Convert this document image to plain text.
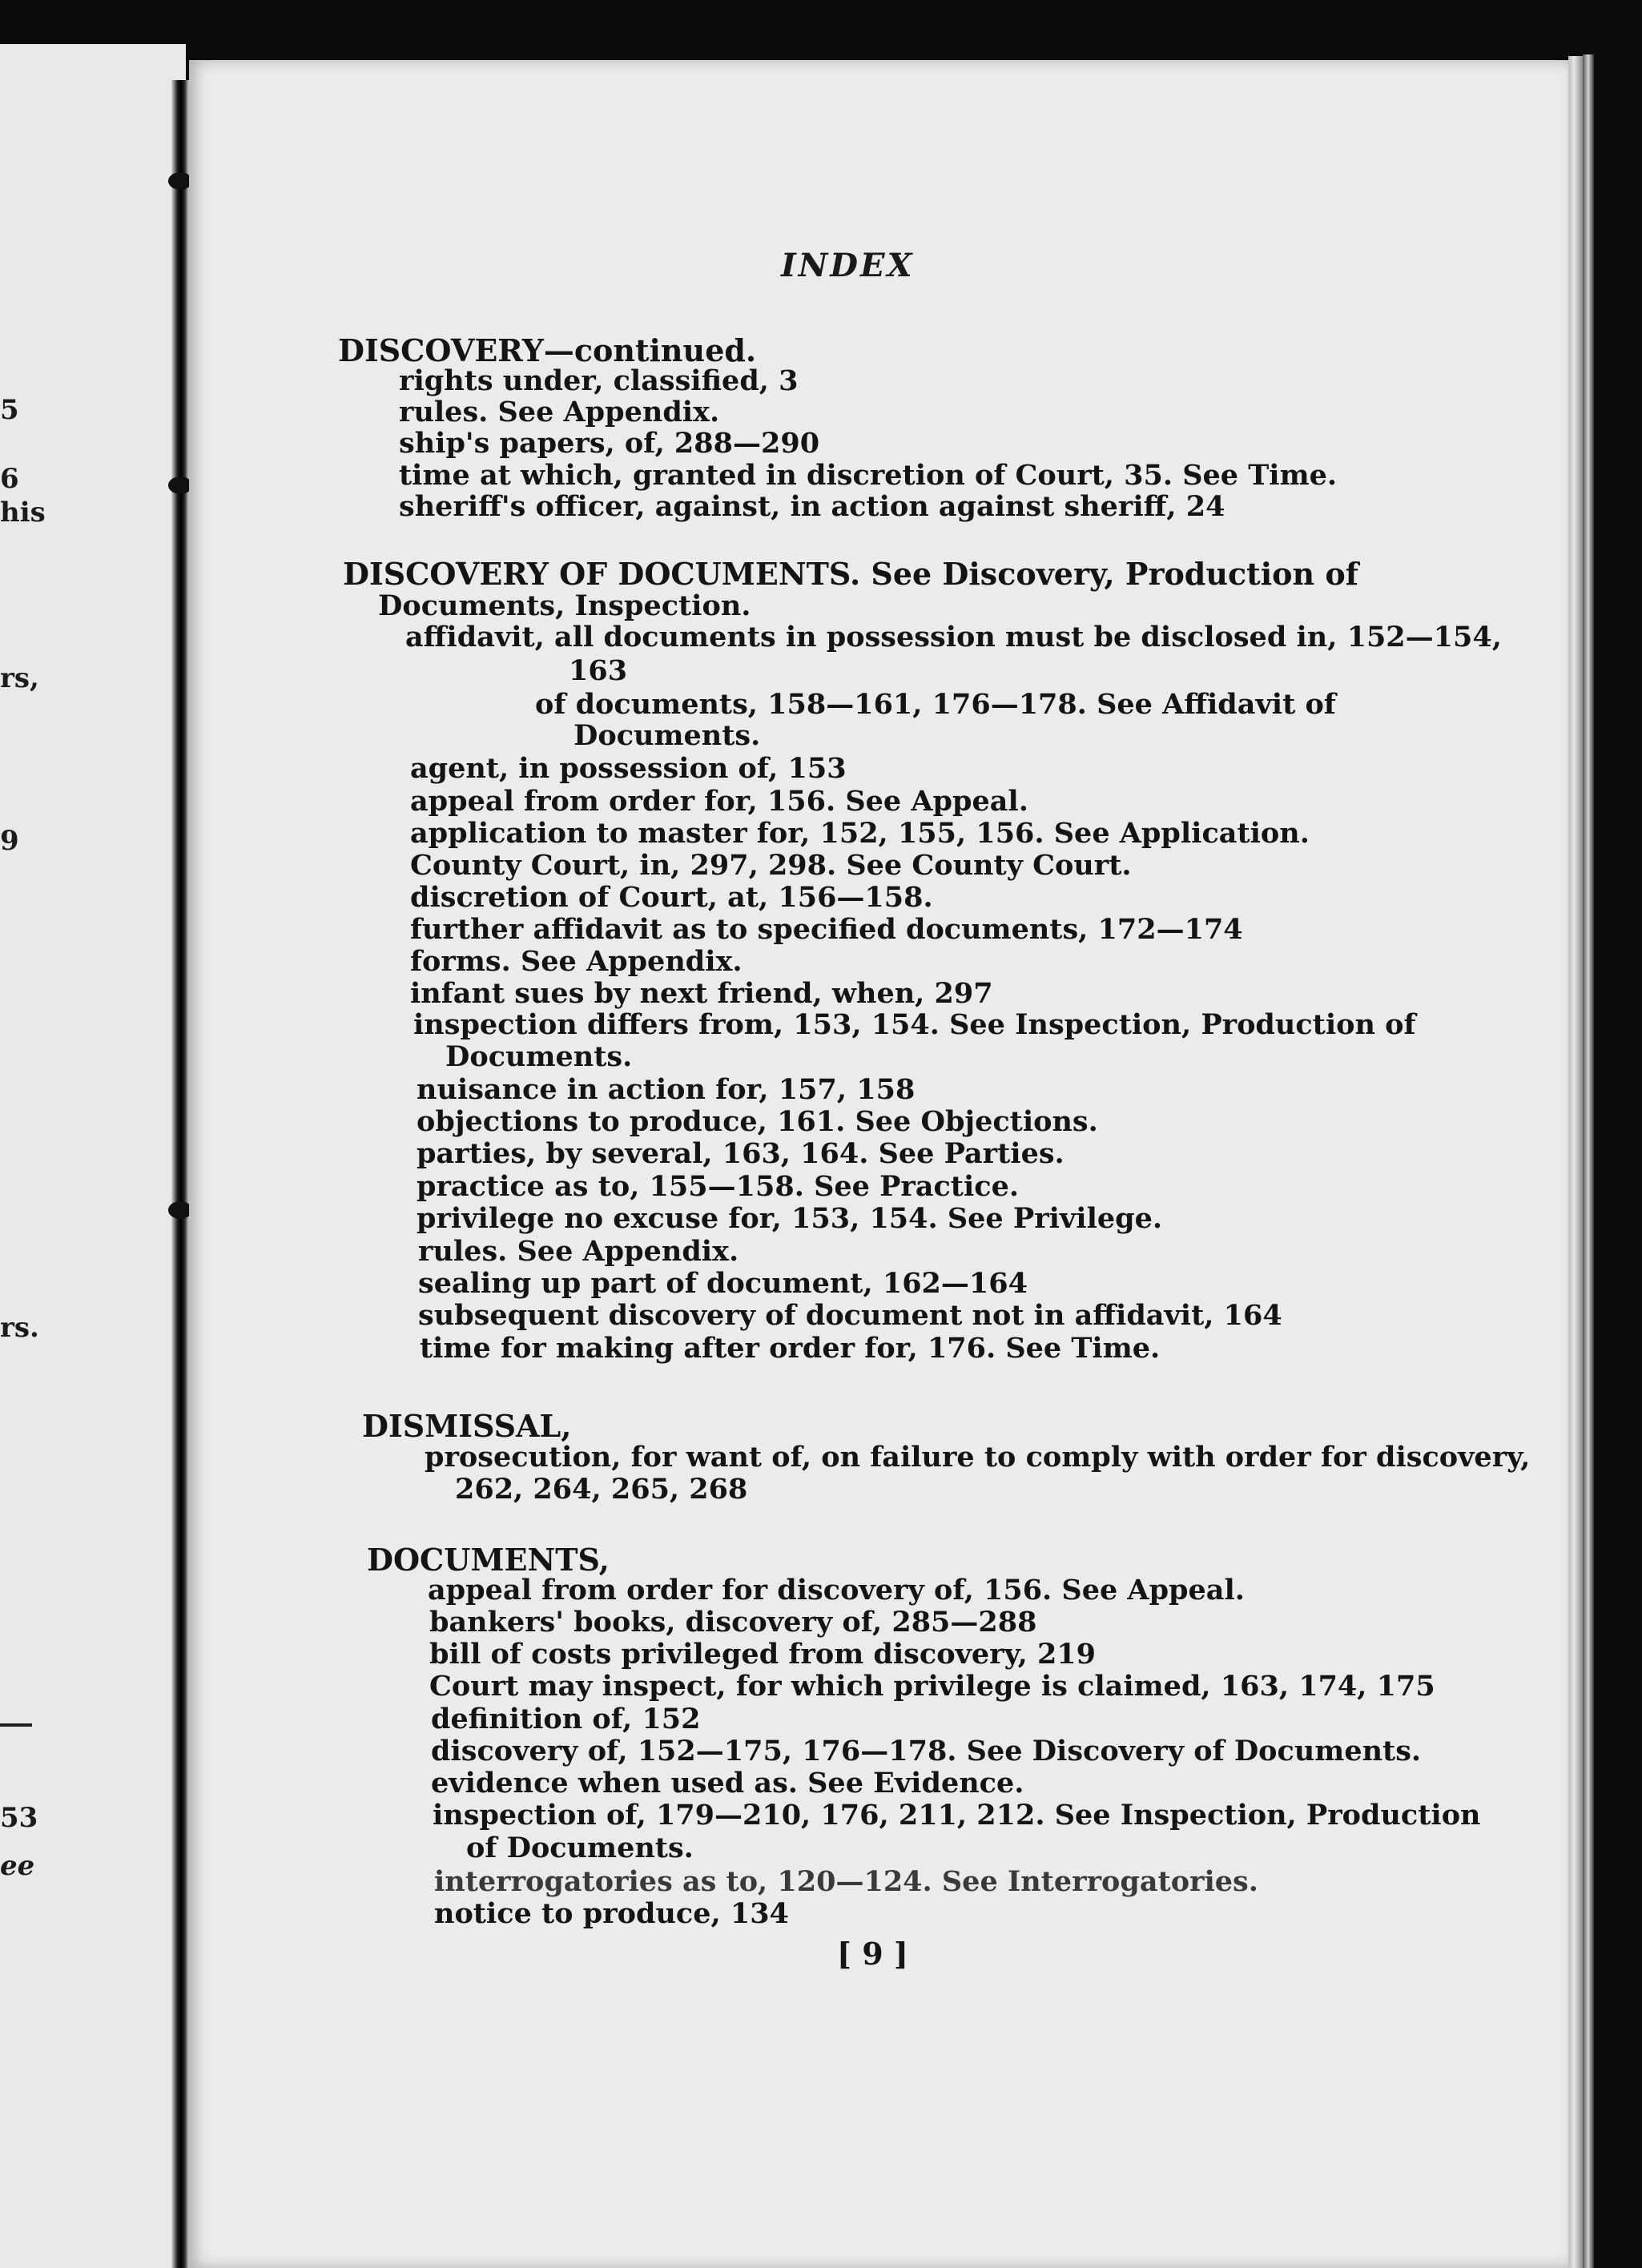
5
6
his
rs,
9
rs.
53
ee
INDEX
DISCOVERY—continued.
rights under, classified, 3
rules. See Appendix.
ship's papers, of, 288—290
time at which, granted in discretion of Court, 35. See Time.
sheriff's officer, against, in action against sheriff, 24
DISCOVERY OF DOCUMENTS. See Discovery, Production of
Documents, Inspection.
affidavit, all documents in possession must be disclosed in, 152—154,
163
of documents, 158—161, 176—178. See Affidavit of
Documents.
agent, in possession of, 153
appeal from order for, 156. See Appeal.
application to master for, 152, 155, 156. See Application.
County Court, in, 297, 298. See County Court.
discretion of Court, at, 156—158.
further affidavit as to specified documents, 172—174
forms. See Appendix.
infant sues by next friend, when, 297
inspection differs from, 153, 154. See Inspection, Production of
Documents.
nuisance in action for, 157, 158
objections to produce, 161. See Objections.
parties, by several, 163, 164. See Parties.
practice as to, 155—158. See Practice.
privilege no excuse for, 153, 154. See Privilege.
rules. See Appendix.
sealing up part of document, 162—164
subsequent discovery of document not in affidavit, 164
time for making after order for, 176. See Time.
DISMISSAL,
prosecution, for want of, on failure to comply with order for discovery,
262, 264, 265, 268
DOCUMENTS,
appeal from order for discovery of, 156. See Appeal.
bankers' books, discovery of, 285—288
bill of costs privileged from discovery, 219
Court may inspect, for which privilege is claimed, 163, 174, 175
definition of, 152
discovery of, 152—175, 176—178. See Discovery of Documents.
evidence when used as. See Evidence.
inspection of, 179—210, 176, 211, 212. See Inspection, Production
of Documents.
interrogatories as to, 120—124. See Interrogatories.
notice to produce, 134
[ 9 ]
